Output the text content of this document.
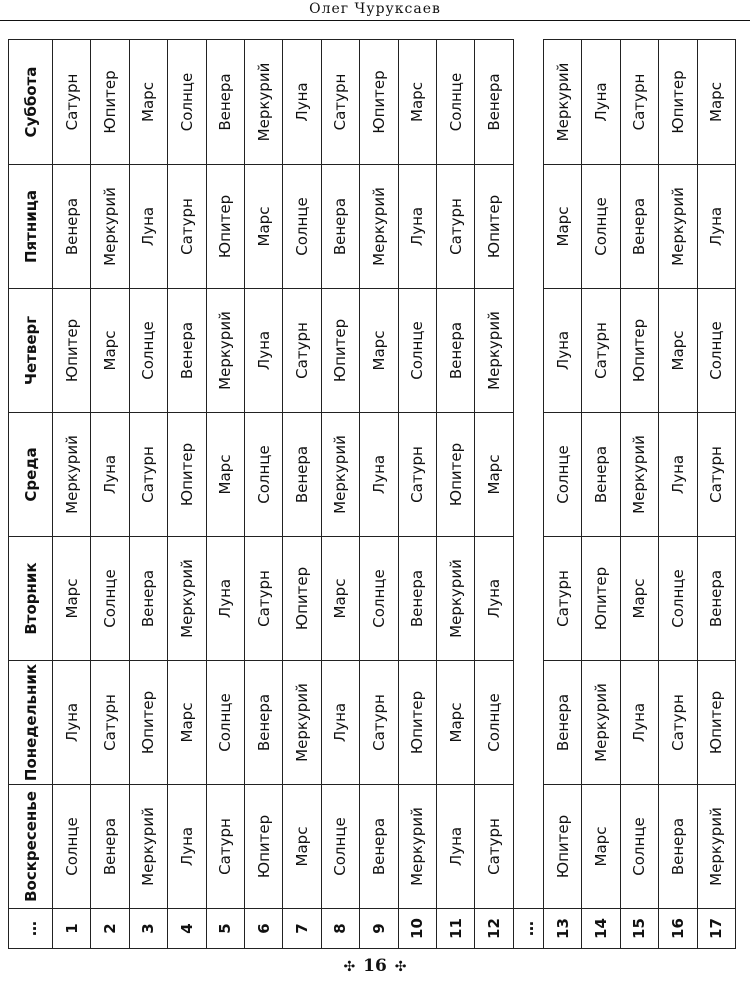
Олег Чуруксаев
…	Воскресенье	Понедельник	Вторник	Среда	Четверг	Пятница	Суббота
1	Солнце	Луна	Марс	Меркурий	Юпитер	Венера	Сатурн
2	Венера	Сатурн	Солнце	Луна	Марс	Меркурий	Юпитер
3	Меркурий	Юпитер	Венера	Сатурн	Солнце	Луна	Марс
4	Луна	Марс	Меркурий	Юпитер	Венера	Сатурн	Солнце
5	Сатурн	Солнце	Луна	Марс	Меркурий	Юпитер	Венера
6	Юпитер	Венера	Сатурн	Солнце	Луна	Марс	Меркурий
7	Марс	Меркурий	Юпитер	Венера	Сатурн	Солнце	Луна
8	Солнце	Луна	Марс	Меркурий	Юпитер	Венера	Сатурн
9	Венера	Сатурн	Солнце	Луна	Марс	Меркурий	Юпитер
10	Меркурий	Юпитер	Венера	Сатурн	Солнце	Луна	Марс
11	Луна	Марс	Меркурий	Юпитер	Венера	Сатурн	Солнце
12	Сатурн	Солнце	Луна	Марс	Меркурий	Юпитер	Венера
…							
13	Юпитер	Венера	Сатурн	Солнце	Луна	Марс	Меркурий
14	Марс	Меркурий	Юпитер	Венера	Сатурн	Солнце	Луна
15	Солнце	Луна	Марс	Меркурий	Юпитер	Венера	Сатурн
16	Венера	Сатурн	Солнце	Луна	Марс	Меркурий	Юпитер
17	Меркурий	Юпитер	Венера	Сатурн	Солнце	Луна	Марс
✣ 16 ✣
